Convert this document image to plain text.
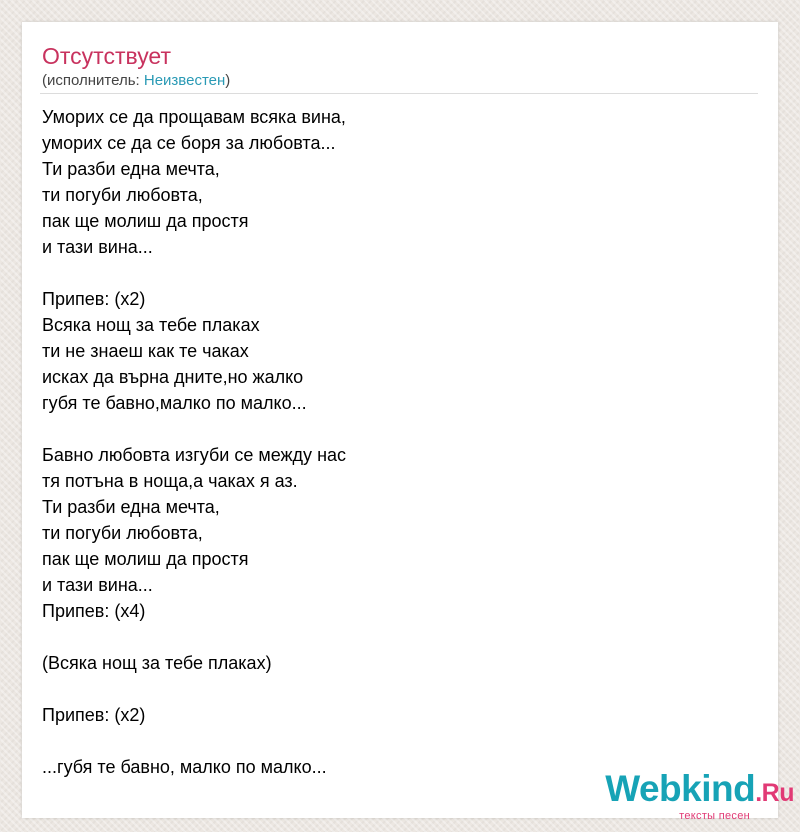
Отсутствует
(исполнитель: Неизвестен)
Уморих се да прощавам всяка вина,
уморих се да се боря за любовта...
Ти разби една мечта,
ти погуби любовта,
пак ще молиш да простя
и тази вина...
Припев: (x2)
Всяка нощ за тебе плаках
ти не знаеш как те чаках
исках да върна дните,но жалко
губя те бавно,малко по малко...
Бавно любовта изгуби се между нас
тя потъна в ноща,а чаках я аз.
Ти разби една мечта,
ти погуби любовта,
пак ще молиш да простя
и тази вина...
Припев: (x4)
(Всяка нощ за тебе плаках)
Припев: (x2)
...губя те бавно, малко по малко...
Webkind.Ru
тексты песен
